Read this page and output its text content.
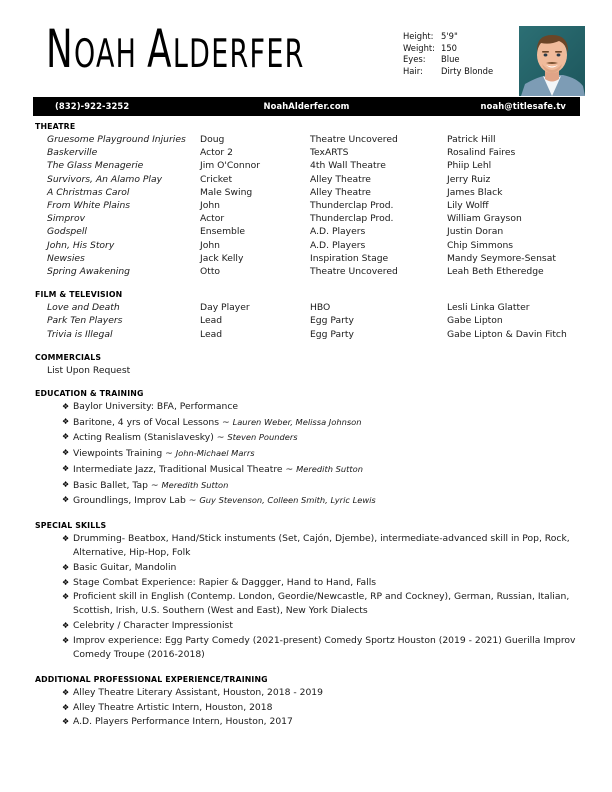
NOAH ALDERFER	Height:	5'9"
Weight:	150
Eyes:	Blue
Hair:	Dirty Blonde
(832)-922-3252	NoahAlderfer.com	noah@titlesafe.tv
THEATRE
Gruesome Playground Injuries	Doug	Theatre Uncovered	Patrick Hill
Baskerville	Actor 2	TexARTS	Rosalind Faires
The Glass Menagerie	Jim O'Connor	4th Wall Theatre	Phiip Lehl
Survivors, An Alamo Play	Cricket	Alley Theatre	Jerry Ruiz
A Christmas Carol	Male Swing	Alley Theatre	James Black
From White Plains	John	Thunderclap Prod.	Lily Wolff
Simprov	Actor	Thunderclap Prod.	William Grayson
Godspell	Ensemble	A.D. Players	Justin Doran
John, His Story	John	A.D. Players	Chip Simmons
Newsies	Jack Kelly	Inspiration Stage	Mandy Seymore-Sensat
Spring Awakening	Otto	Theatre Uncovered	Leah Beth Etheredge
FILM & TELEVISION
Love and Death	Day Player	HBO	Lesli Linka Glatter
Park Ten Players	Lead	Egg Party	Gabe Lipton
Trivia is Illegal	Lead	Egg Party	Gabe Lipton & Davin Fitch
COMMERCIALS
List Upon Request
EDUCATION & TRAINING
❖ Baylor University: BFA, Performance
❖ Baritone, 4 yrs of Vocal Lessons ~ Lauren Weber, Melissa Johnson
❖ Acting Realism (Stanislavesky) ~ Steven Pounders
❖ Viewpoints Training ~ John-Michael Marrs
❖ Intermediate Jazz, Traditional Musical Theatre ~ Meredith Sutton
❖ Basic Ballet, Tap ~ Meredith Sutton
❖ Groundlings, Improv Lab ~ Guy Stevenson, Colleen Smith, Lyric Lewis
SPECIAL SKILLS
❖ Drumming- Beatbox, Hand/Stick instuments (Set, Cajón, Djembe), intermediate-advanced skill in Pop, Rock, Alternative, Hip-Hop, Folk
❖ Basic Guitar, Mandolin
❖ Stage Combat Experience: Rapier & Daggger, Hand to Hand, Falls
❖ Proficient skill in English (Contemp. London, Geordie/Newcastle, RP and Cockney), German, Russian, Italian, Scottish, Irish, U.S. Southern (West and East), New York Dialects
❖ Celebrity / Character Impressionist
❖ Improv experience: Egg Party Comedy (2021-present) Comedy Sportz Houston (2019 - 2021) Guerilla Improv Comedy Troupe (2016-2018)
ADDITIONAL PROFESSIONAL EXPERIENCE/TRAINING
❖ Alley Theatre Literary Assistant, Houston, 2018 - 2019
❖ Alley Theatre Artistic Intern, Houston, 2018
❖ A.D. Players Performance Intern, Houston, 2017
